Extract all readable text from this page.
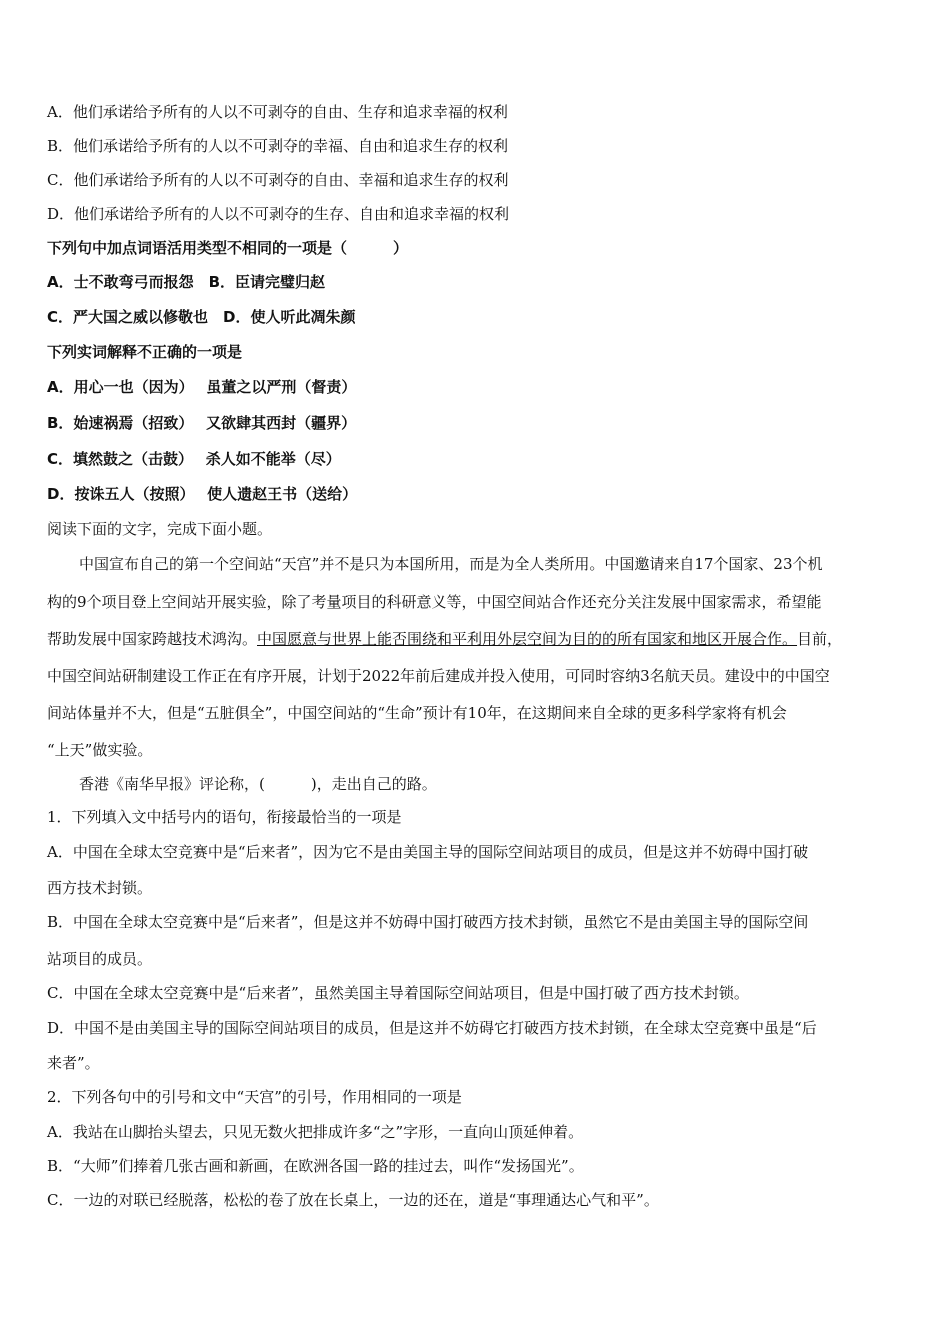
A．他们承诺给予所有的人以不可剥夺的自由、生存和追求幸福的权利
B．他们承诺给予所有的人以不可剥夺的幸福、自由和追求生存的权利
C．他们承诺给予所有的人以不可剥夺的自由、幸福和追求生存的权利
D．他们承诺给予所有的人以不可剥夺的生存、自由和追求幸福的权利
下列句中加点词语活用类型不相同的一项是（	）
A．士不敢弯弓而报怨　B．臣请完璧归赵
C．严大国之威以修敬也　D．使人听此凋朱颜
下列实词解释不正确的一项是
A．用心一也（因为）　 虽董之以严刑（督责）
B．始速祸焉（招致）　 又欲肆其西封（疆界）
C．填然鼓之（击鼓）　 杀人如不能举（尽）
D．按诛五人（按照）　 使人遗赵王书（送给）
阅读下面的文字，完成下面小题。
中国宣布自己的第一个空间站“天宫”并不是只为本国所用，而是为全人类所用。中国邀请来自17个国家、23个机
构的9个项目登上空间站开展实验，除了考量项目的科研意义等，中国空间站合作还充分关注发展中国家需求，希望能
帮助发展中国家跨越技术鸿沟。中国愿意与世界上能否围绕和平利用外层空间为目的的所有国家和地区开展合作。目前，
中国空间站研制建设工作正在有序开展，计划于2022年前后建成并投入使用，可同时容纳3名航天员。建设中的中国空
间站体量并不大，但是“五脏俱全”，中国空间站的“生命”预计有10年，在这期间来自全球的更多科学家将有机会
“上天”做实验。
香港《南华早报》评论称，(	)，走出自己的路。
1．下列填入文中括号内的语句，衔接最恰当的一项是
A．中国在全球太空竞赛中是“后来者”，因为它不是由美国主导的国际空间站项目的成员，但是这并不妨碍中国打破
西方技术封锁。
B．中国在全球太空竞赛中是“后来者”，但是这并不妨碍中国打破西方技术封锁，虽然它不是由美国主导的国际空间
站项目的成员。
C．中国在全球太空竞赛中是“后来者”，虽然美国主导着国际空间站项目，但是中国打破了西方技术封锁。
D．中国不是由美国主导的国际空间站项目的成员，但是这并不妨碍它打破西方技术封锁，在全球太空竞赛中虽是“后
来者”。
2．下列各句中的引号和文中“天宫”的引号，作用相同的一项是
A．我站在山脚抬头望去，只见无数火把排成许多“之”字形，一直向山顶延伸着。
B．“大师”们捧着几张古画和新画，在欧洲各国一路的挂过去，叫作“发扬国光”。
C．一边的对联已经脱落，松松的卷了放在长桌上，一边的还在，道是“事理通达心气和平”。
